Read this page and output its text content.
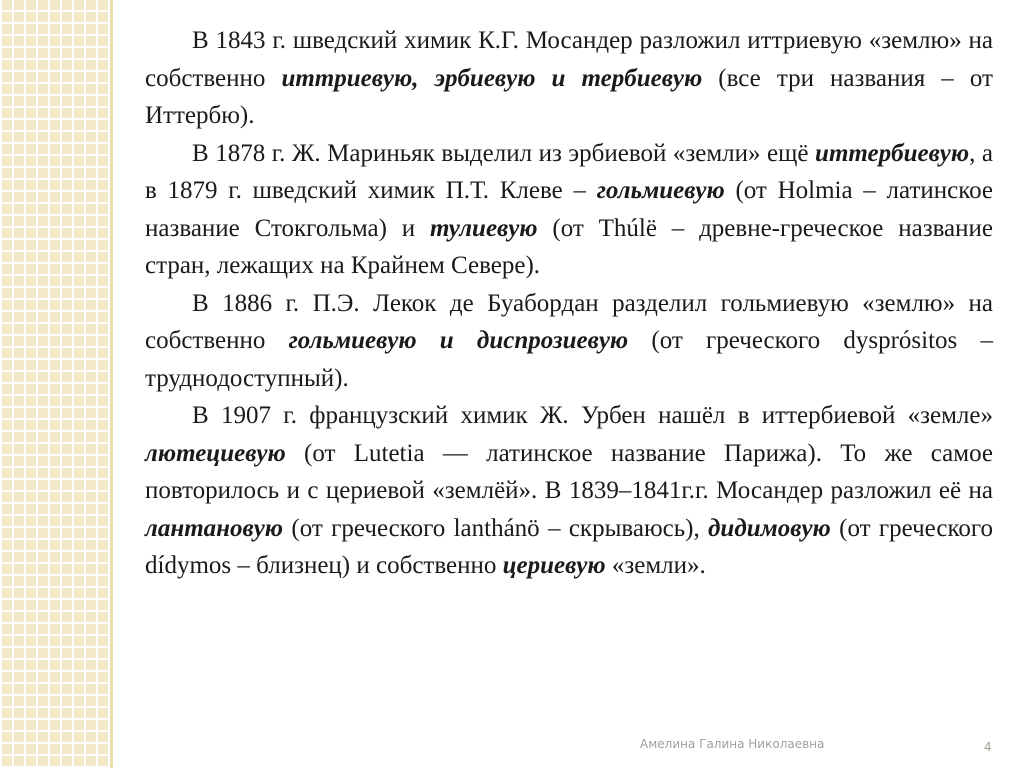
В 1843 г. шведский химик К.Г. Мосандер разложил иттриевую «землю» на собственно иттриевую, эрбиевую и тербиевую (все три названия – от Иттербю).

В 1878 г. Ж. Мариньяк выделил из эрбиевой «земли» ещё иттербиевую, а в 1879 г. шведский химик П.Т. Клеве – гольмиевую (от Holmia – латинское название Стокгольма) и тулиевую (от Thúlë – древне-греческое название стран, лежащих на Крайнем Севере).

В 1886 г. П.Э. Лекок де Буабордан разделил гольмиевую «землю» на собственно гольмиевую и диспрозиевую (от греческого dysprósitos – труднодоступный).

В 1907 г. французский химик Ж. Урбен нашёл в иттербиевой «земле» лютециевую (от Lutetia — латинское название Парижа). То же самое повторилось и с цериевой «землёй». В 1839–1841г.г. Мосандер разложил её на лантановую (от греческого lanthánö – скрываюсь), дидимовую (от греческого dídymos – близнец) и собственно цериевую «земли».

Амелина Галина Николаевна	4
